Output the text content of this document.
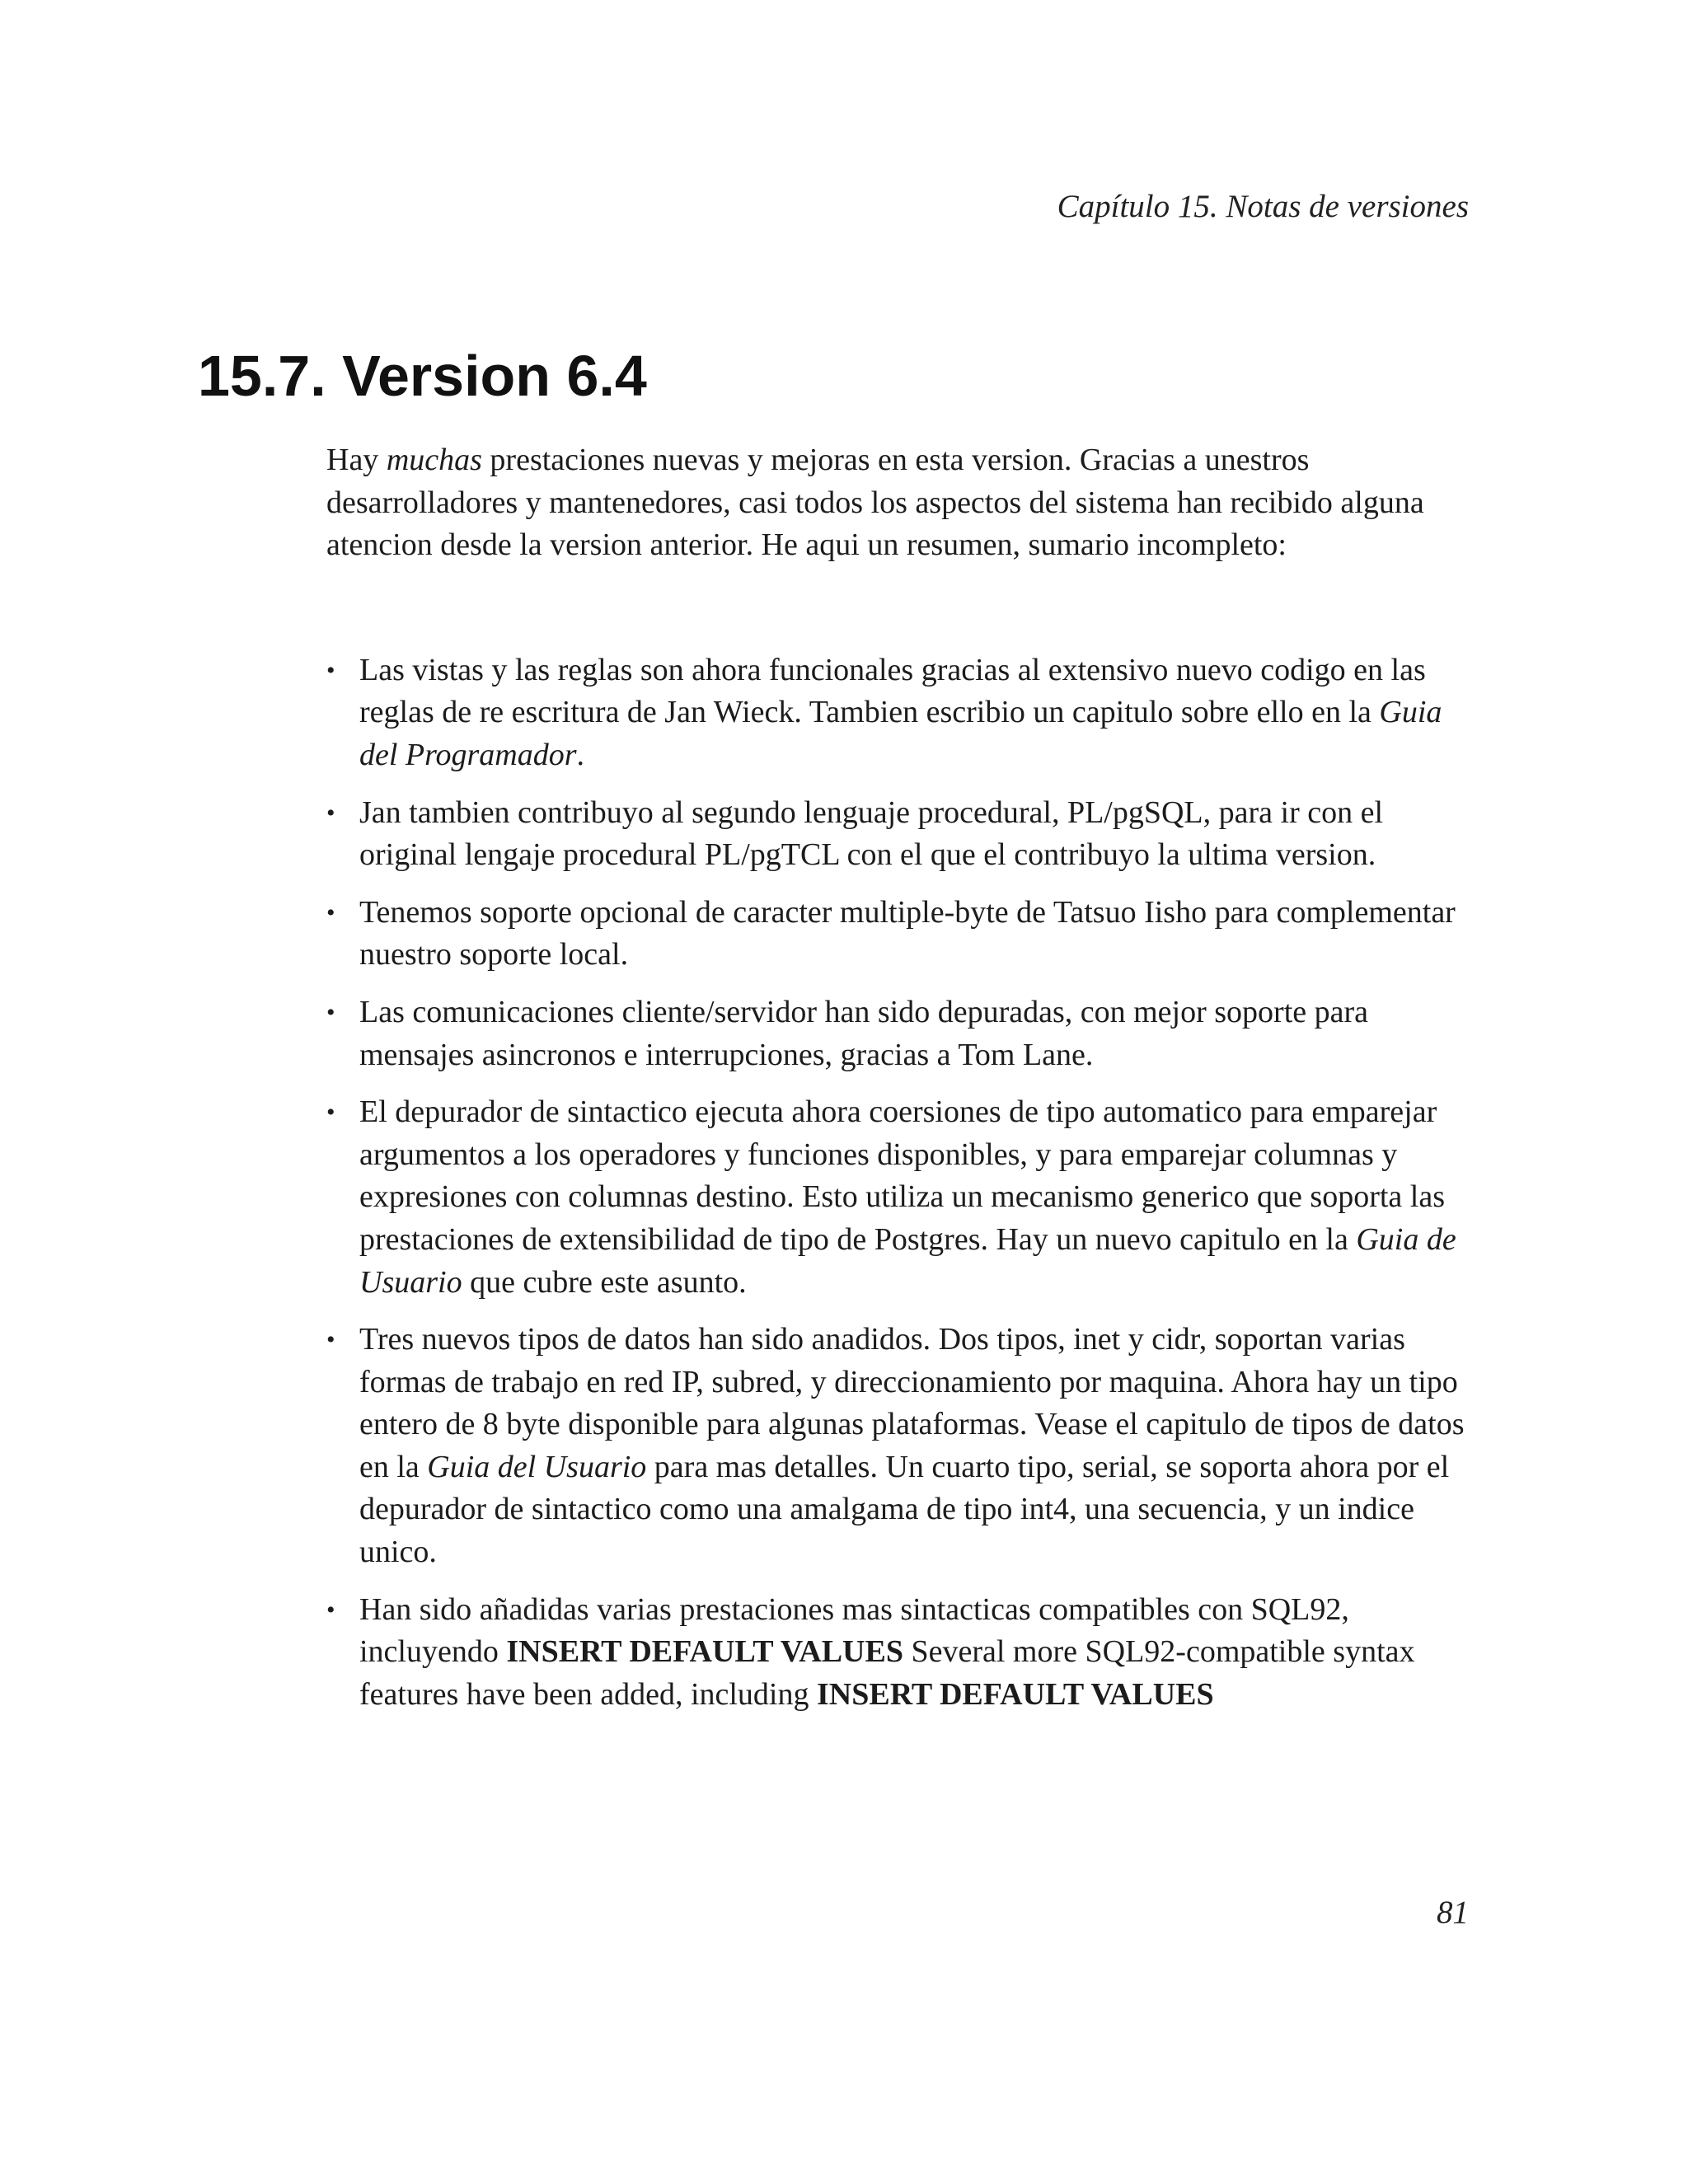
Capítulo 15. Notas de versiones
15.7. Version 6.4

Hay muchas prestaciones nuevas y mejoras en esta version. Gracias a unestros desarrolladores y mantenedores, casi todos los aspectos del sistema han recibido alguna atencion desde la version anterior. He aqui un resumen, sumario incompleto:

• Las vistas y las reglas son ahora funcionales gracias al extensivo nuevo codigo en las reglas de re escritura de Jan Wieck. Tambien escribio un capitulo sobre ello en la Guia del Programador.
• Jan tambien contribuyo al segundo lenguaje procedural, PL/pgSQL, para ir con el original lengaje procedural PL/pgTCL con el que el contribuyo la ultima version.
• Tenemos soporte opcional de caracter multiple-byte de Tatsuo Iisho para complementar nuestro soporte local.
• Las comunicaciones cliente/servidor han sido depuradas, con mejor soporte para mensajes asincronos e interrupciones, gracias a Tom Lane.
• El depurador de sintactico ejecuta ahora coersiones de tipo automatico para emparejar argumentos a los operadores y funciones disponibles, y para emparejar columnas y expresiones con columnas destino. Esto utiliza un mecanismo generico que soporta las prestaciones de extensibilidad de tipo de Postgres. Hay un nuevo capitulo en la Guia de Usuario que cubre este asunto.
• Tres nuevos tipos de datos han sido anadidos. Dos tipos, inet y cidr, soportan varias formas de trabajo en red IP, subred, y direccionamiento por maquina. Ahora hay un tipo entero de 8 byte disponible para algunas plataformas. Vease el capitulo de tipos de datos en la Guia del Usuario para mas detalles. Un cuarto tipo, serial, se soporta ahora por el depurador de sintactico como una amalgama de tipo int4, una secuencia, y un indice unico.
• Han sido añadidas varias prestaciones mas sintacticas compatibles con SQL92, incluyendo INSERT DEFAULT VALUES Several more SQL92-compatible syntax features have been added, including INSERT DEFAULT VALUES
81
